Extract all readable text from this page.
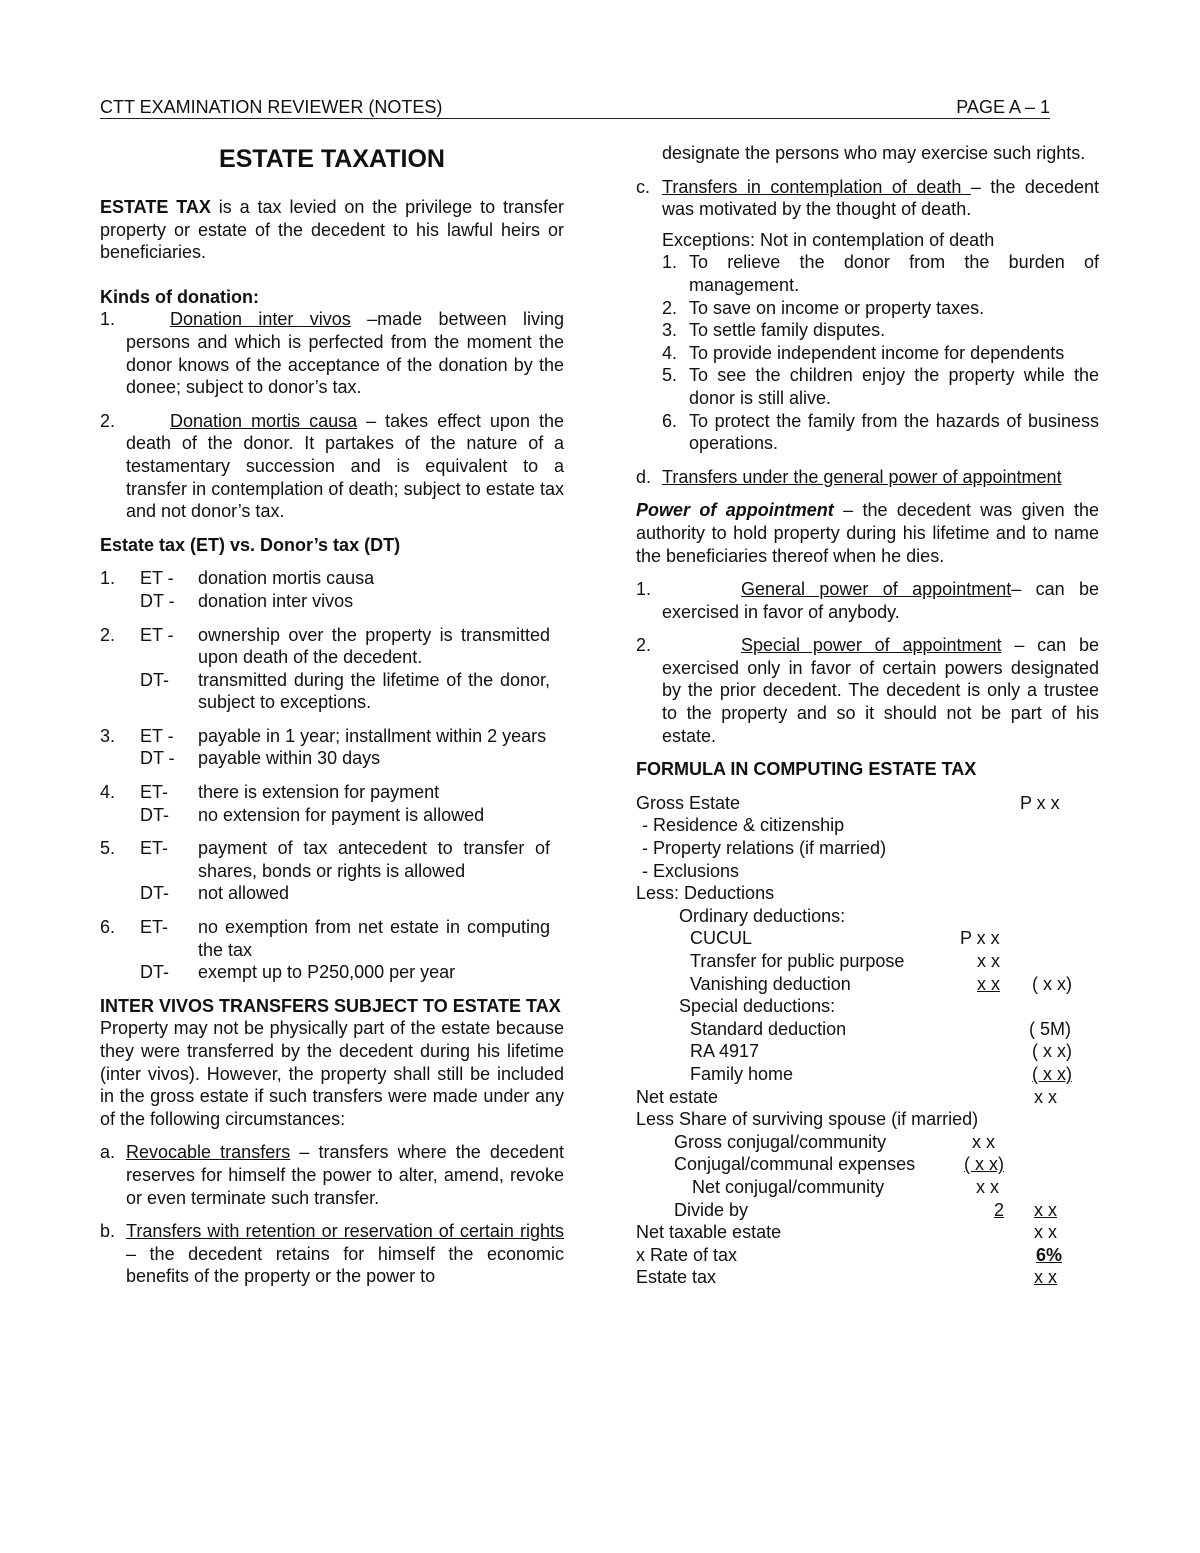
CTT EXAMINATION REVIEWER (NOTES)	PAGE A – 1
ESTATE TAXATION
ESTATE TAX is a tax levied on the privilege to transfer property or estate of the decedent to his lawful heirs or beneficiaries.
Kinds of donation:
1.	Donation inter vivos –made between living persons and which is perfected from the moment the donor knows of the acceptance of the donation by the donee; subject to donor’s tax.
2.	Donation mortis causa – takes effect upon the death of the donor. It partakes of the nature of a testamentary succession and is equivalent to a transfer in contemplation of death; subject to estate tax and not donor’s tax.
Estate tax (ET) vs. Donor’s tax (DT)
1. ET - donation mortis causa
DT - donation inter vivos
2. ET - ownership over the property is transmitted upon death of the decedent.
DT- transmitted during the lifetime of the donor, subject to exceptions.
3. ET - payable in 1 year; installment within 2 years
DT - payable within 30 days
4. ET- there is extension for payment
DT- no extension for payment is allowed
5. ET- payment of tax antecedent to transfer of shares, bonds or rights is allowed
DT- not allowed
6. ET- no exemption from net estate in computing the tax
DT- exempt up to P250,000 per year
INTER VIVOS TRANSFERS SUBJECT TO ESTATE TAX
Property may not be physically part of the estate because they were transferred by the decedent during his lifetime (inter vivos). However, the property shall still be included in the gross estate if such transfers were made under any of the following circumstances:
a. Revocable transfers – transfers where the decedent reserves for himself the power to alter, amend, revoke or even terminate such transfer.
b. Transfers with retention or reservation of certain rights – the decedent retains for himself the economic benefits of the property or the power to
designate the persons who may exercise such rights.
c. Transfers in contemplation of death – the decedent was motivated by the thought of death.
Exceptions: Not in contemplation of death
1. To relieve the donor from the burden of management.
2. To save on income or property taxes.
3. To settle family disputes.
4. To provide independent income for dependents
5. To see the children enjoy the property while the donor is still alive.
6. To protect the family from the hazards of business operations.
d. Transfers under the general power of appointment
Power of appointment – the decedent was given the authority to hold property during his lifetime and to name the beneficiaries thereof when he dies.
1.	General power of appointment– can be exercised in favor of anybody.
2.	Special power of appointment – can be exercised only in favor of certain powers designated by the prior decedent. The decedent is only a trustee to the property and so it should not be part of his estate.
FORMULA IN COMPUTING ESTATE TAX
Gross Estate	P x x
- Residence & citizenship
- Property relations (if married)
- Exclusions
Less: Deductions
Ordinary deductions:
CUCUL	P x x
Transfer for public purpose	x x
Vanishing deduction	x x ( x x)
Special deductions:
Standard deduction	( 5M)
RA 4917	( x x)
Family home	( x x)
Net estate	x x
Less Share of surviving spouse (if married)
Gross conjugal/community	x x
Conjugal/communal expenses	( x x)
Net conjugal/community	x x
Divide by	2 x x
Net taxable estate	x x
x Rate of tax	6%
Estate tax	x x
